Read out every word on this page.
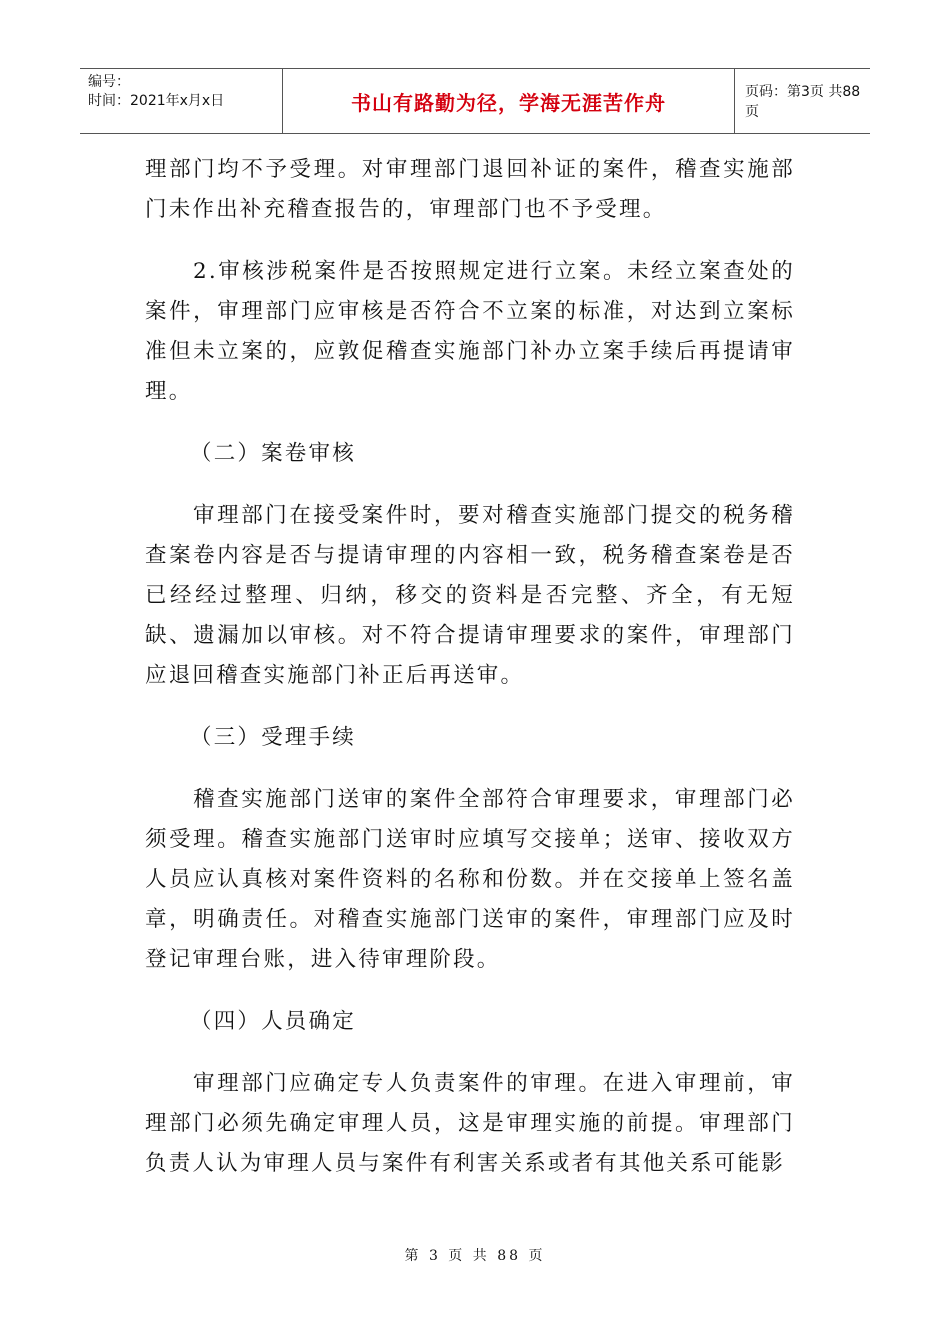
编号：
时间：2021年x月x日	书山有路勤为径，学海无涯苦作舟	页码：第3页 共88页

理部门均不予受理。对审理部门退回补证的案件，稽查实施部门未作出补充稽查报告的，审理部门也不予受理。

2.审核涉税案件是否按照规定进行立案。未经立案查处的案件，审理部门应审核是否符合不立案的标准，对达到立案标准但未立案的，应敦促稽查实施部门补办立案手续后再提请审理。

（二）案卷审核

审理部门在接受案件时，要对稽查实施部门提交的税务稽查案卷内容是否与提请审理的内容相一致，税务稽查案卷是否已经经过整理、归纳，移交的资料是否完整、齐全，有无短缺、遗漏加以审核。对不符合提请审理要求的案件，审理部门应退回稽查实施部门补正后再送审。

（三）受理手续

稽查实施部门送审的案件全部符合审理要求，审理部门必须受理。稽查实施部门送审时应填写交接单；送审、接收双方人员应认真核对案件资料的名称和份数。并在交接单上签名盖章，明确责任。对稽查实施部门送审的案件，审理部门应及时登记审理台账，进入待审理阶段。

（四）人员确定

审理部门应确定专人负责案件的审理。在进入审理前，审理部门必须先确定审理人员，这是审理实施的前提。审理部门负责人认为审理人员与案件有利害关系或者有其他关系可能影

第 3 页 共 88 页
